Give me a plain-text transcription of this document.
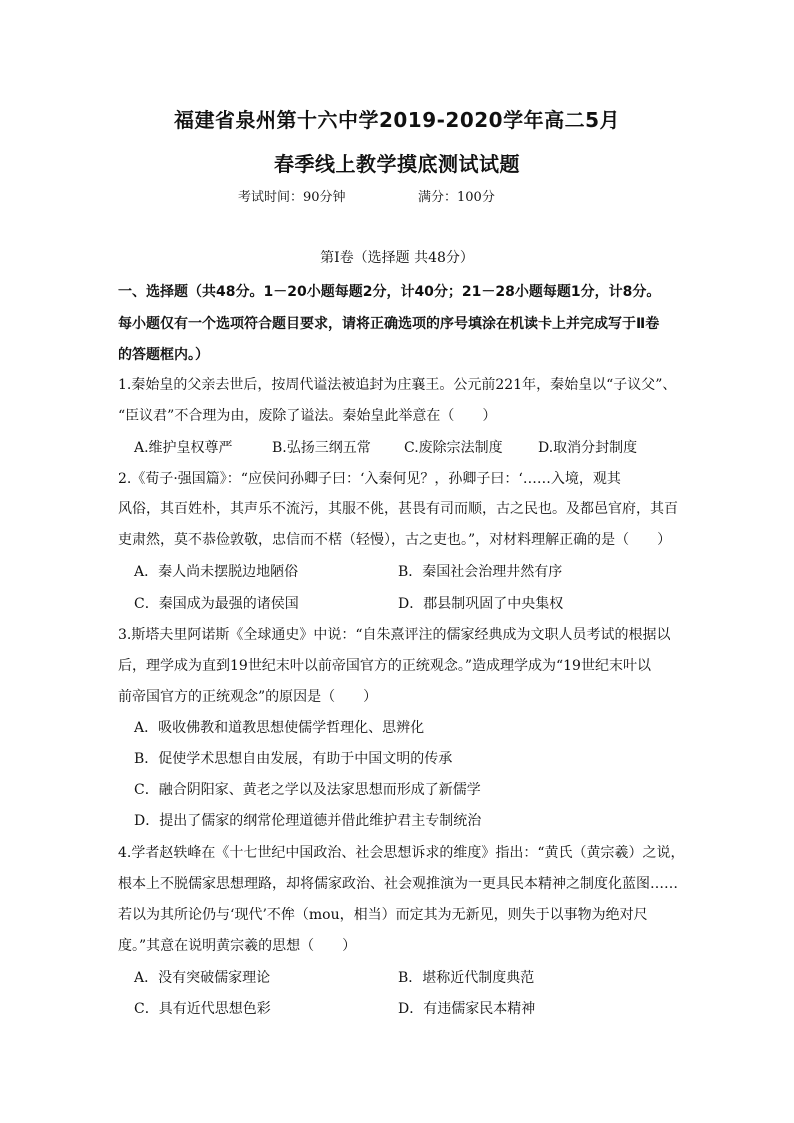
福建省泉州第十六中学2019-2020学年高二5月
春季线上教学摸底测试试题
考试时间：90分钟	满分：100分
第Ⅰ卷（选择题 共48分）
一、选择题（共48分。1－20小题每题2分，计40分；21－28小题每题1分，计8分。
每小题仅有一个选项符合题目要求，请将正确选项的序号填涂在机读卡上并完成写于Ⅱ卷
的答题框内。）
1.秦始皇的父亲去世后，按周代谥法被追封为庄襄王。公元前221年，秦始皇以“子议父”、
“臣议君”不合理为由，废除了谥法。秦始皇此举意在（　　）
A.维护皇权尊严	B.弘扬三纲五常 C.废除宗法制度	D.取消分封制度
2.《荀子·强国篇》：“应侯问孙卿子曰：‘入秦何见？，孙卿子曰：‘……入境，观其
风俗，其百姓朴，其声乐不流污，其服不佻，甚畏有司而顺，古之民也。及都邑官府，其百
吏肃然，莫不恭俭敦敬，忠信而不楛（轻慢），古之吏也。”，对材料理解正确的是（　　）
A．秦人尚未摆脱边地陋俗	B．秦国社会治理井然有序
C．秦国成为最强的诸侯国	D．郡县制巩固了中央集权
3.斯塔夫里阿诺斯《全球通史》中说：“自朱熹评注的儒家经典成为文职人员考试的根据以
后，理学成为直到19世纪末叶以前帝国官方的正统观念。”造成理学成为“19世纪末叶以
前帝国官方的正统观念”的原因是（　　）
A．吸收佛教和道教思想使儒学哲理化、思辨化
B．促使学术思想自由发展，有助于中国文明的传承
C．融合阴阳家、黄老之学以及法家思想而形成了新儒学
D．提出了儒家的纲常伦理道德并借此维护君主专制统治
4.学者赵轶峰在《十七世纪中国政治、社会思想诉求的维度》指出：“黄氏（黄宗羲）之说，
根本上不脱儒家思想理路，却将儒家政治、社会观推演为一更具民本精神之制度化蓝图……
若以为其所论仍与‘现代’不侔（mou，相当）而定其为无新见，则失于以事物为绝对尺
度。”其意在说明黄宗羲的思想（　　）
A．没有突破儒家理论	B．堪称近代制度典范
C．具有近代思想色彩	D．有违儒家民本精神
